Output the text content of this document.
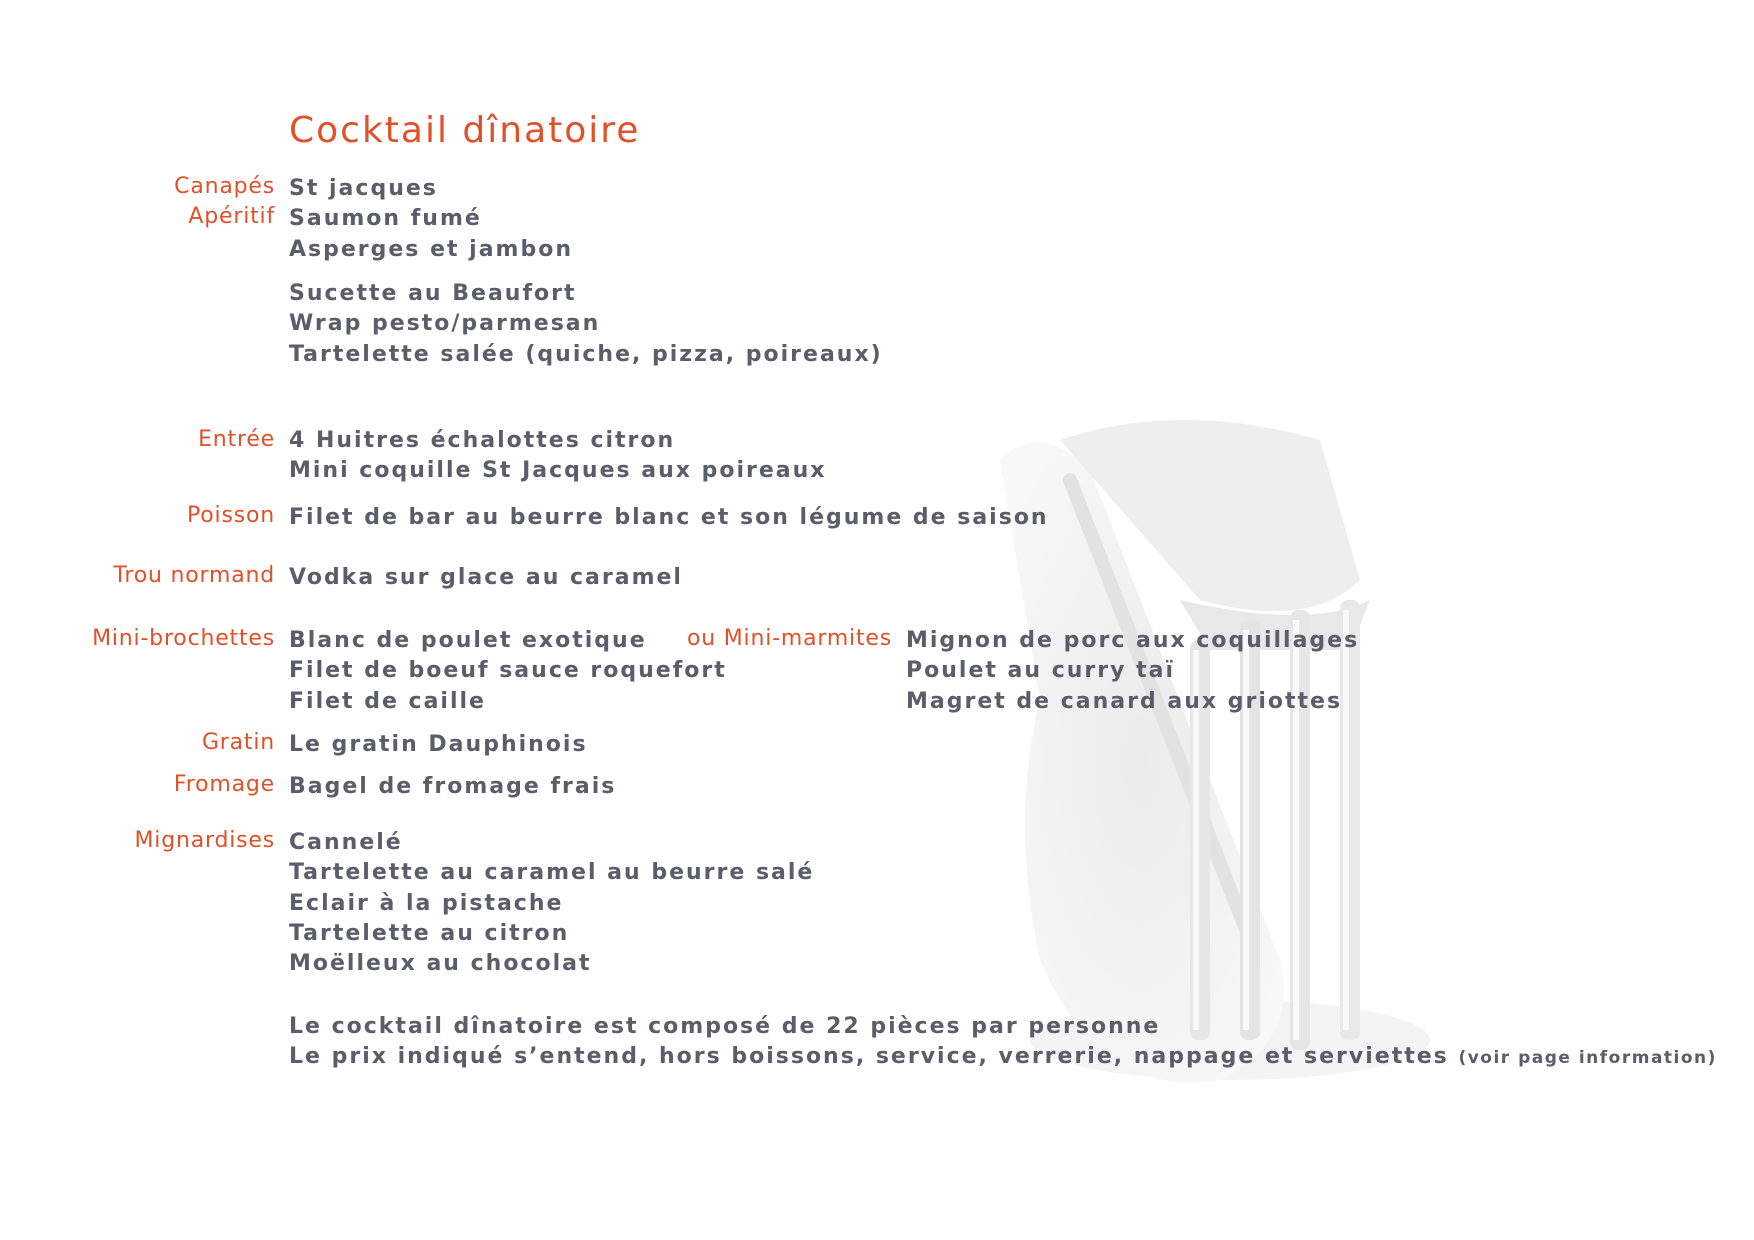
Cocktail dînatoire
Canapés
Apéritif
St jacques
Saumon fumé
Asperges et jambon
Sucette au Beaufort
Wrap pesto/parmesan
Tartelette salée (quiche, pizza, poireaux)
Entrée 4 Huitres échalottes citron
Mini coquille St Jacques aux poireaux
Poisson Filet de bar au beurre blanc et son légume de saison
Trou normand Vodka sur glace au caramel
Mini-brochettes Blanc de poulet exotique
Filet de boeuf sauce roquefort
Filet de caille
ou Mini-marmites Mignon de porc aux coquillages
Poulet au curry taï
Magret de canard aux griottes
Gratin Le gratin Dauphinois
Fromage Bagel de fromage frais
Mignardises Cannelé
Tartelette au caramel au beurre salé
Eclair à la pistache
Tartelette au citron
Moëlleux au chocolat
Le cocktail dînatoire est composé de 22 pièces par personne
Le prix indiqué s’entend, hors boissons, service, verrerie, nappage et serviettes (voir page information)
